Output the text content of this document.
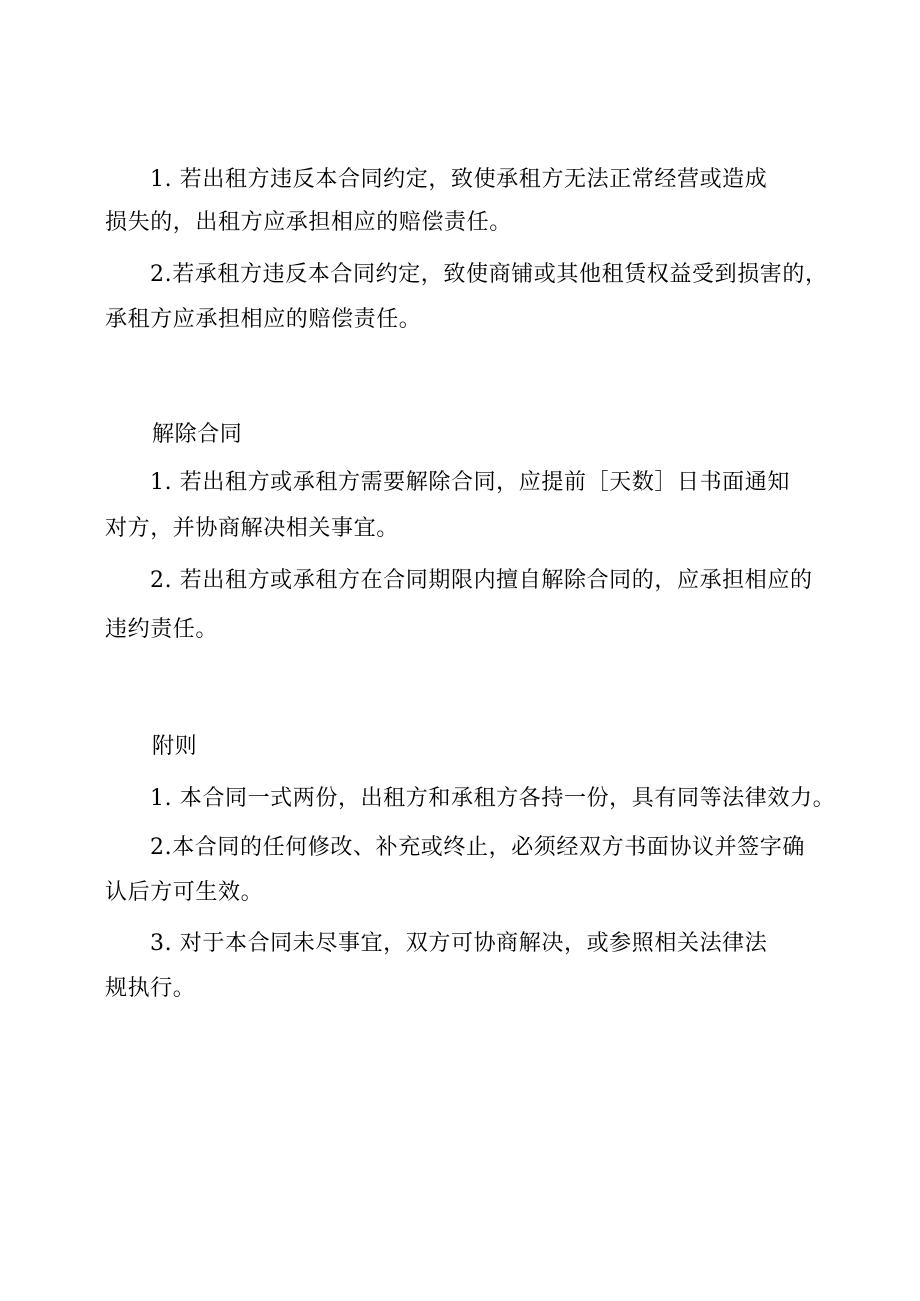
1. 若出租方违反本合同约定，致使承租方无法正常经营或造成
损失的，出租方应承担相应的赔偿责任。
2.若承租方违反本合同约定，致使商铺或其他租赁权益受到损害的，
承租方应承担相应的赔偿责任。
解除合同
1. 若出租方或承租方需要解除合同，应提前［天数］日书面通知
对方，并协商解决相关事宜。
2. 若出租方或承租方在合同期限内擅自解除合同的，应承担相应的
违约责任。
附则
1. 本合同一式两份，出租方和承租方各持一份，具有同等法律效力。
2.本合同的任何修改、补充或终止，必须经双方书面协议并签字确
认后方可生效。
3. 对于本合同未尽事宜，双方可协商解决，或参照相关法律法
规执行。
